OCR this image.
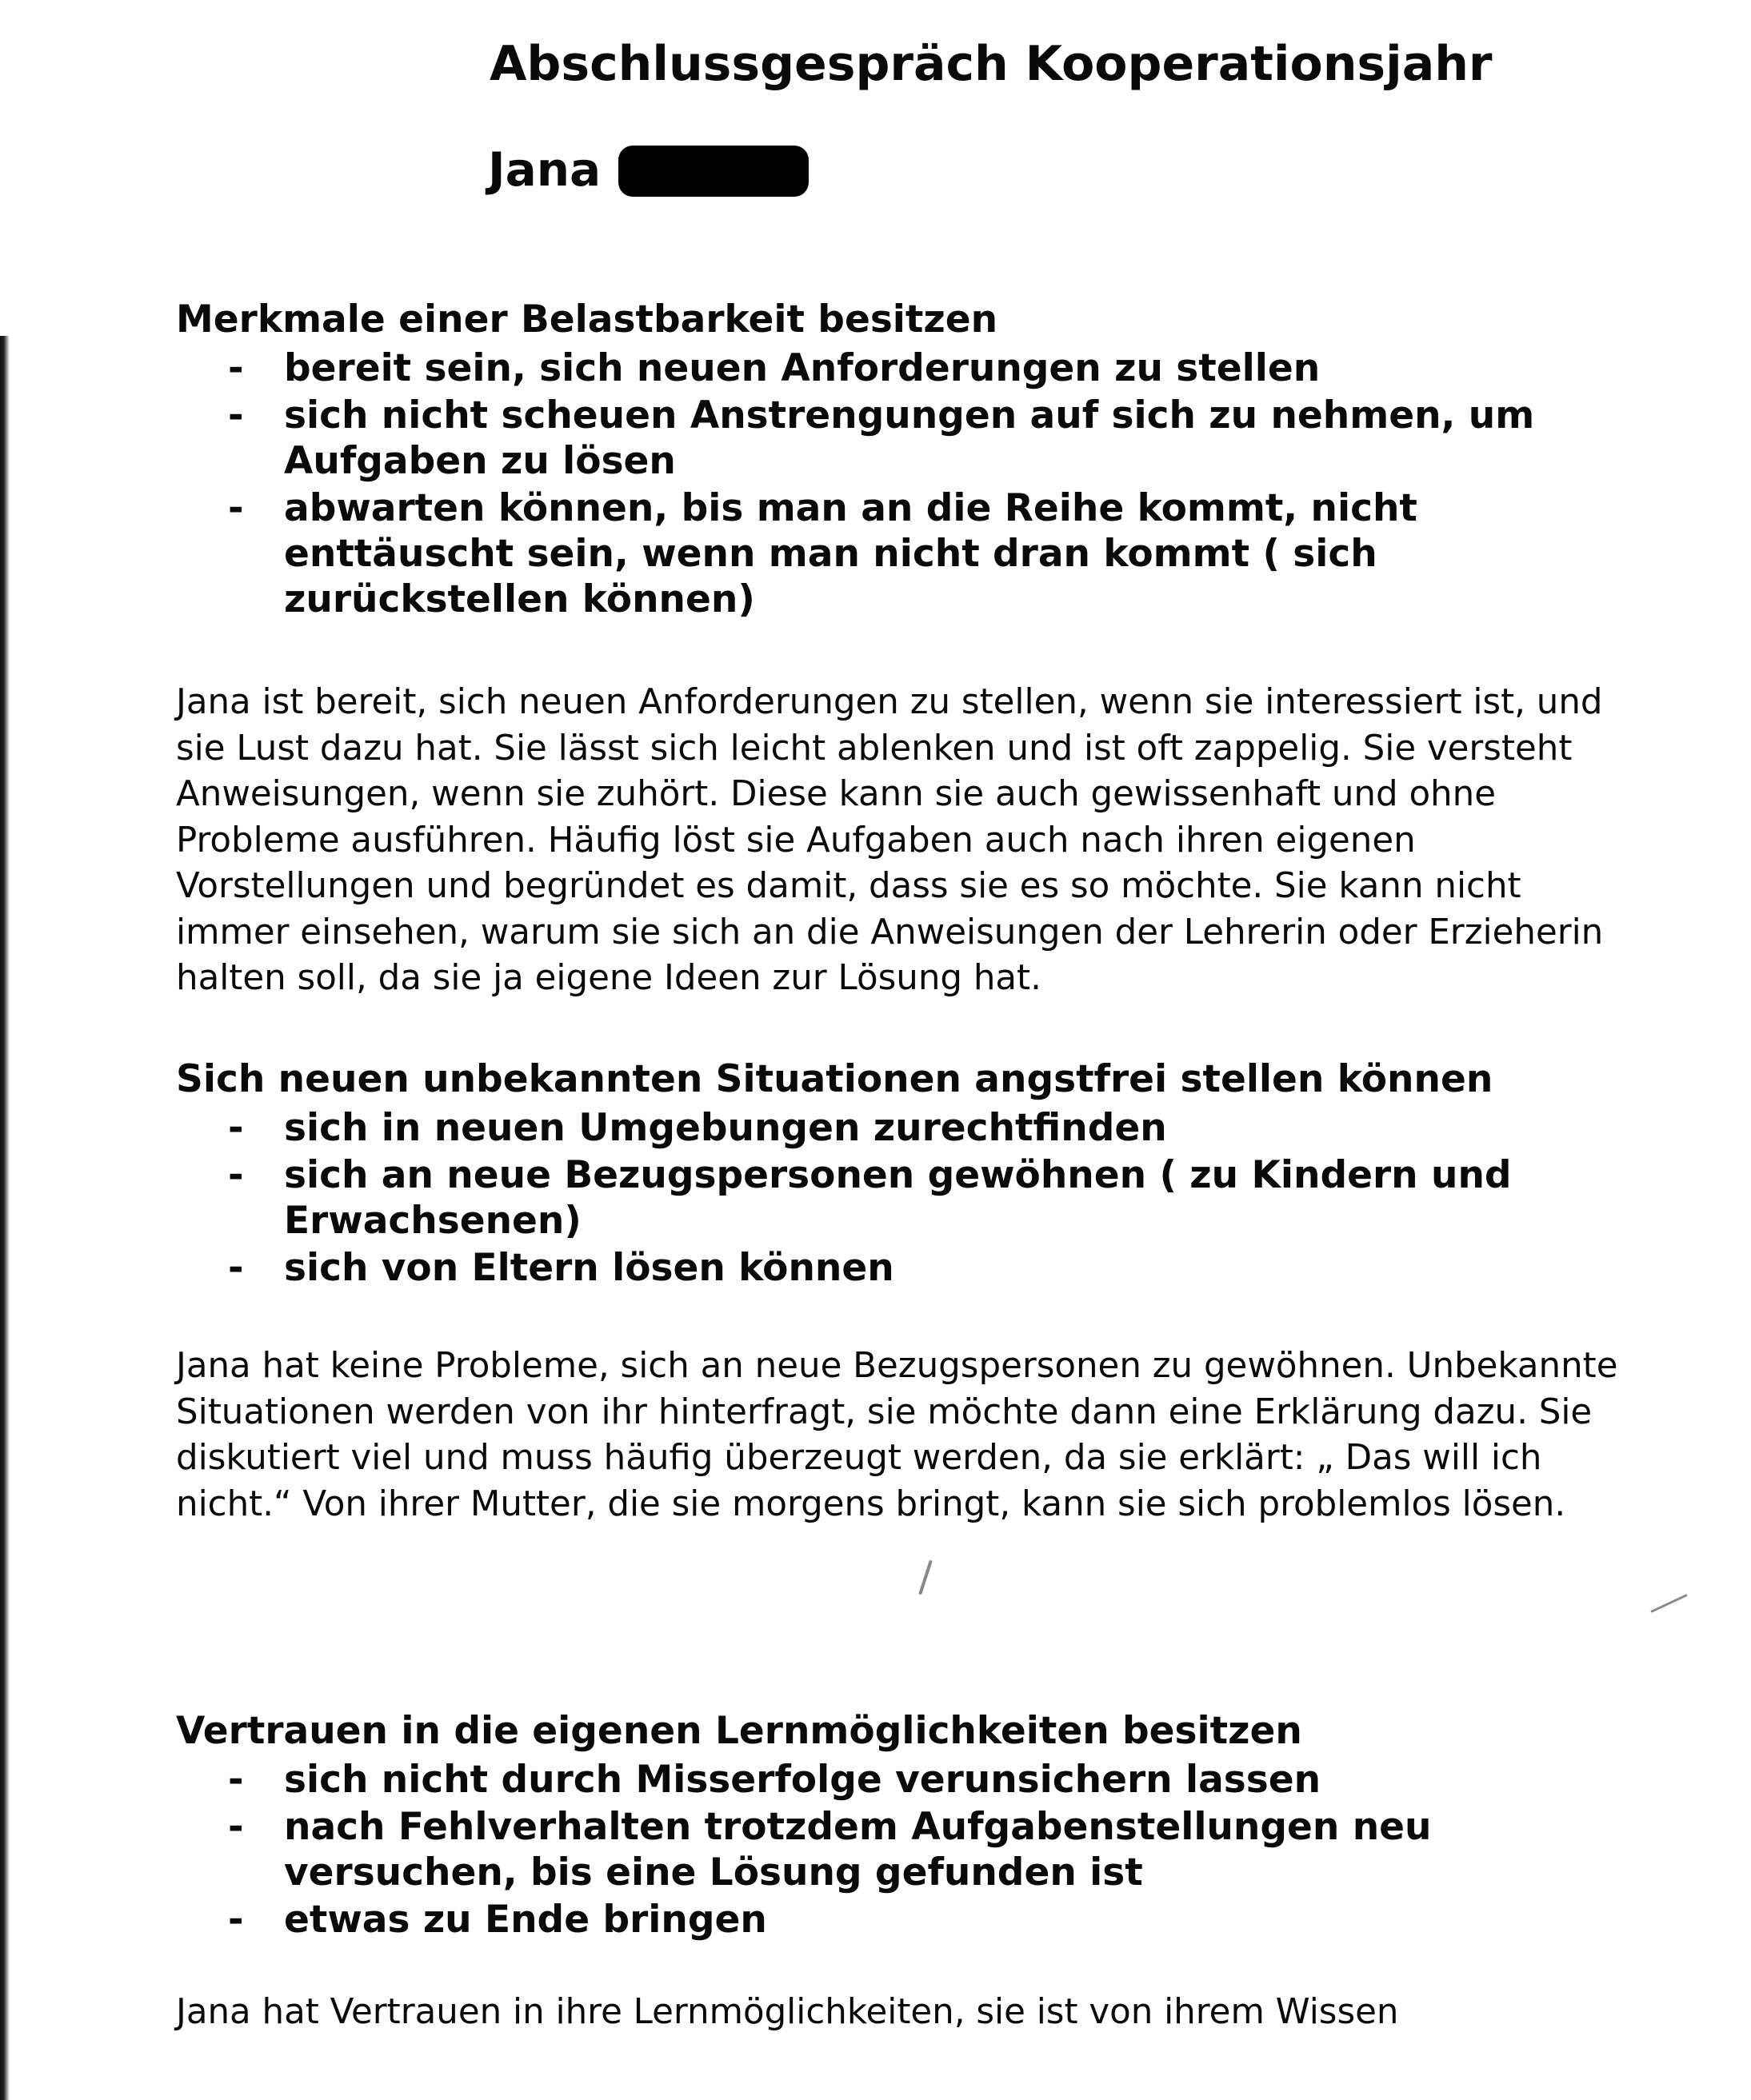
Abschlussgespräch Kooperationsjahr
Jana
Merkmale einer Belastbarkeit besitzen
- bereit sein, sich neuen Anforderungen zu stellen
- sich nicht scheuen Anstrengungen auf sich zu nehmen, um Aufgaben zu lösen
- abwarten können, bis man an die Reihe kommt, nicht enttäuscht sein, wenn man nicht dran kommt ( sich zurückstellen können)

Jana ist bereit, sich neuen Anforderungen zu stellen, wenn sie interessiert ist, und sie Lust dazu hat. Sie lässt sich leicht ablenken und ist oft zappelig. Sie versteht Anweisungen, wenn sie zuhört. Diese kann sie auch gewissenhaft und ohne Probleme ausführen. Häufig löst sie Aufgaben auch nach ihren eigenen Vorstellungen und begründet es damit, dass sie es so möchte. Sie kann nicht immer einsehen, warum sie sich an die Anweisungen der Lehrerin oder Erzieherin halten soll, da sie ja eigene Ideen zur Lösung hat.

Sich neuen unbekannten Situationen angstfrei stellen können
- sich in neuen Umgebungen zurechtfinden
- sich an neue Bezugspersonen gewöhnen ( zu Kindern und Erwachsenen)
- sich von Eltern lösen können

Jana hat keine Probleme, sich an neue Bezugspersonen zu gewöhnen. Unbekannte Situationen werden von ihr hinterfragt, sie möchte dann eine Erklärung dazu. Sie diskutiert viel und muss häufig überzeugt werden, da sie erklärt: „ Das will ich nicht.“ Von ihrer Mutter, die sie morgens bringt, kann sie sich problemlos lösen.

Vertrauen in die eigenen Lernmöglichkeiten besitzen
- sich nicht durch Misserfolge verunsichern lassen
- nach Fehlverhalten trotzdem Aufgabenstellungen neu versuchen, bis eine Lösung gefunden ist
- etwas zu Ende bringen

Jana hat Vertrauen in ihre Lernmöglichkeiten, sie ist von ihrem Wissen
